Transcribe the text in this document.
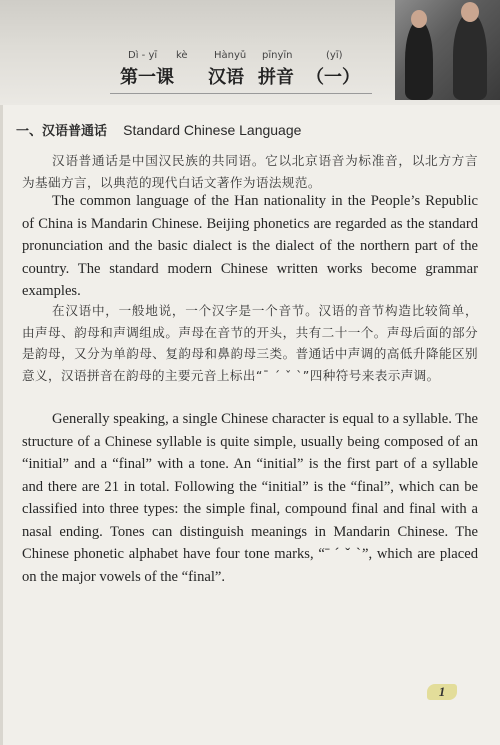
Dì - yī kè	Hànyǔ pīnyīn	(yī)
第一课 汉语 拼音 （一）
一、汉语普通话 Standard Chinese Language

汉语普通话是中国汉民族的共同语。它以北京语音为标准音，以北方方言为基础方言，以典范的现代白话文著作为语法规范。

The common language of the Han nationality in the People’s Republic of China is Mandarin Chinese. Beijing phonetics are regarded as the standard pronunciation and the basic dialect is the dialect of the northern part of the country. The standard modern Chinese written works become grammar examples.

在汉语中，一般地说，一个汉字是一个音节。汉语的音节构造比较简单，由声母、韵母和声调组成。声母在音节的开头，共有二十一个。声母后面的部分是韵母，又分为单韵母、复韵母和鼻韵母三类。普通话中声调的高低升降能区别意义，汉语拼音在韵母的主要元音上标出“ˉ ˊ ˇ ˋ”四种符号来表示声调。

Generally speaking, a single Chinese character is equal to a syllable. The structure of a Chinese syllable is quite simple, usually being composed of an “initial” and a “final” with a tone. An “initial” is the first part of a syllable and there are 21 in total. Following the “initial” is the “final”, which can be classified into three types: the simple final, compound final and final with a nasal ending. Tones can distinguish meanings in Mandarin Chinese. The Chinese phonetic alphabet have four tone marks, “ˉ ˊ ˇ ˋ”, which are placed on the major vowels of the “final”.

1
